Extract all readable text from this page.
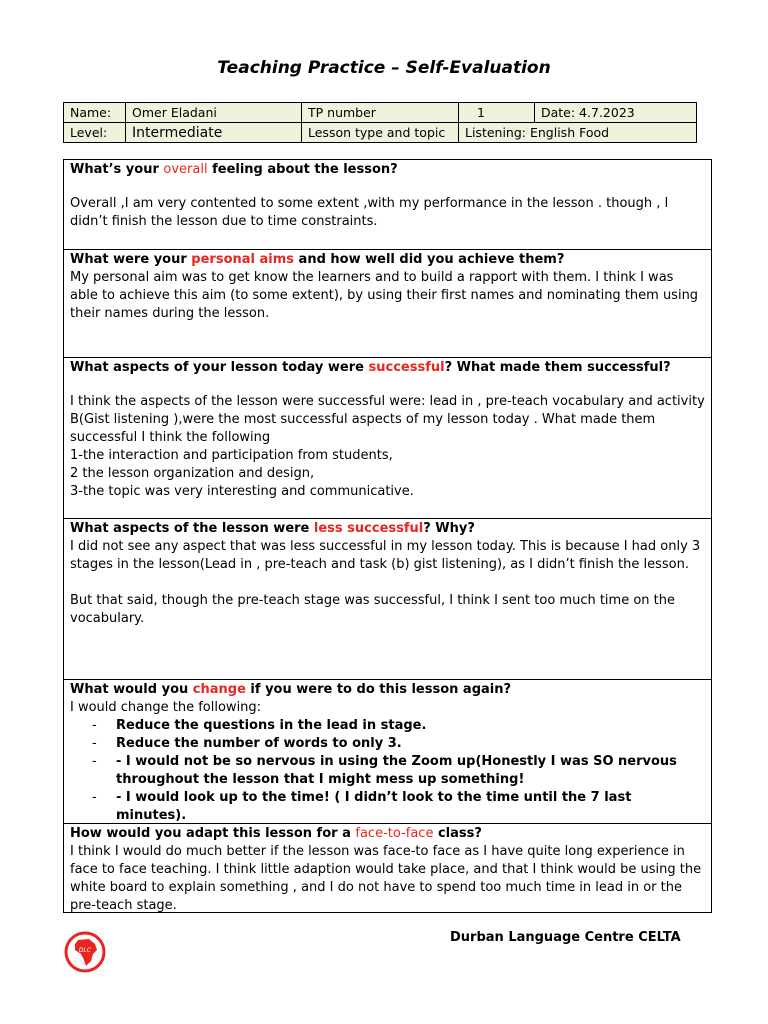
Teaching Practice – Self-Evaluation
Name:	Omer Eladani	TP number	1	Date: 4.7.2023
Level:	Intermediate	Lesson type and topic	Listening: English Food	
What’s your overall feeling about the lesson?

Overall ,I am very contented to some extent ,with my performance in the lesson . though , I didn’t finish the lesson due to time constraints.

What were your personal aims and how well did you achieve them?

My personal aim was to get know the learners and to build a rapport with them. I think I was able to achieve this aim (to some extent), by using their first names and nominating them using their names during the lesson.

What aspects of your lesson today were successful? What made them successful?

I think the aspects of the lesson were successful were: lead in , pre-teach vocabulary and activity B(Gist listening ),were the most successful aspects of my lesson today . What made them successful I think the following

1-the interaction and participation from students,

2 the lesson organization and design,

3-the topic was very interesting and communicative.

What aspects of the lesson were less successful? Why?

I did not see any aspect that was less successful in my lesson today. This is because I had only 3 stages in the lesson(Lead in , pre-teach and task (b) gist listening), as I didn’t finish the lesson.

But that said, though the pre-teach stage was successful, I think I sent too much time on the vocabulary.

What would you change if you were to do this lesson again?

I would change the following:

- Reduce the questions in the lead in stage.
- Reduce the number of words to only 3.
- - I would not be so nervous in using the Zoom up(Honestly I was SO nervous throughout the lesson that I might mess up something!
- - I would look up to the time! ( I didn’t look to the time until the 7 last minutes).
How would you adapt this lesson for a face-to-face class?

I think I would do much better if the lesson was face-to face as I have quite long experience in face to face teaching. I think little adaption would take place, and that I think would be using the white board to explain something , and I do not have to spend too much time in lead in or the pre-teach stage.

DLC
Durban Language Centre CELTA
